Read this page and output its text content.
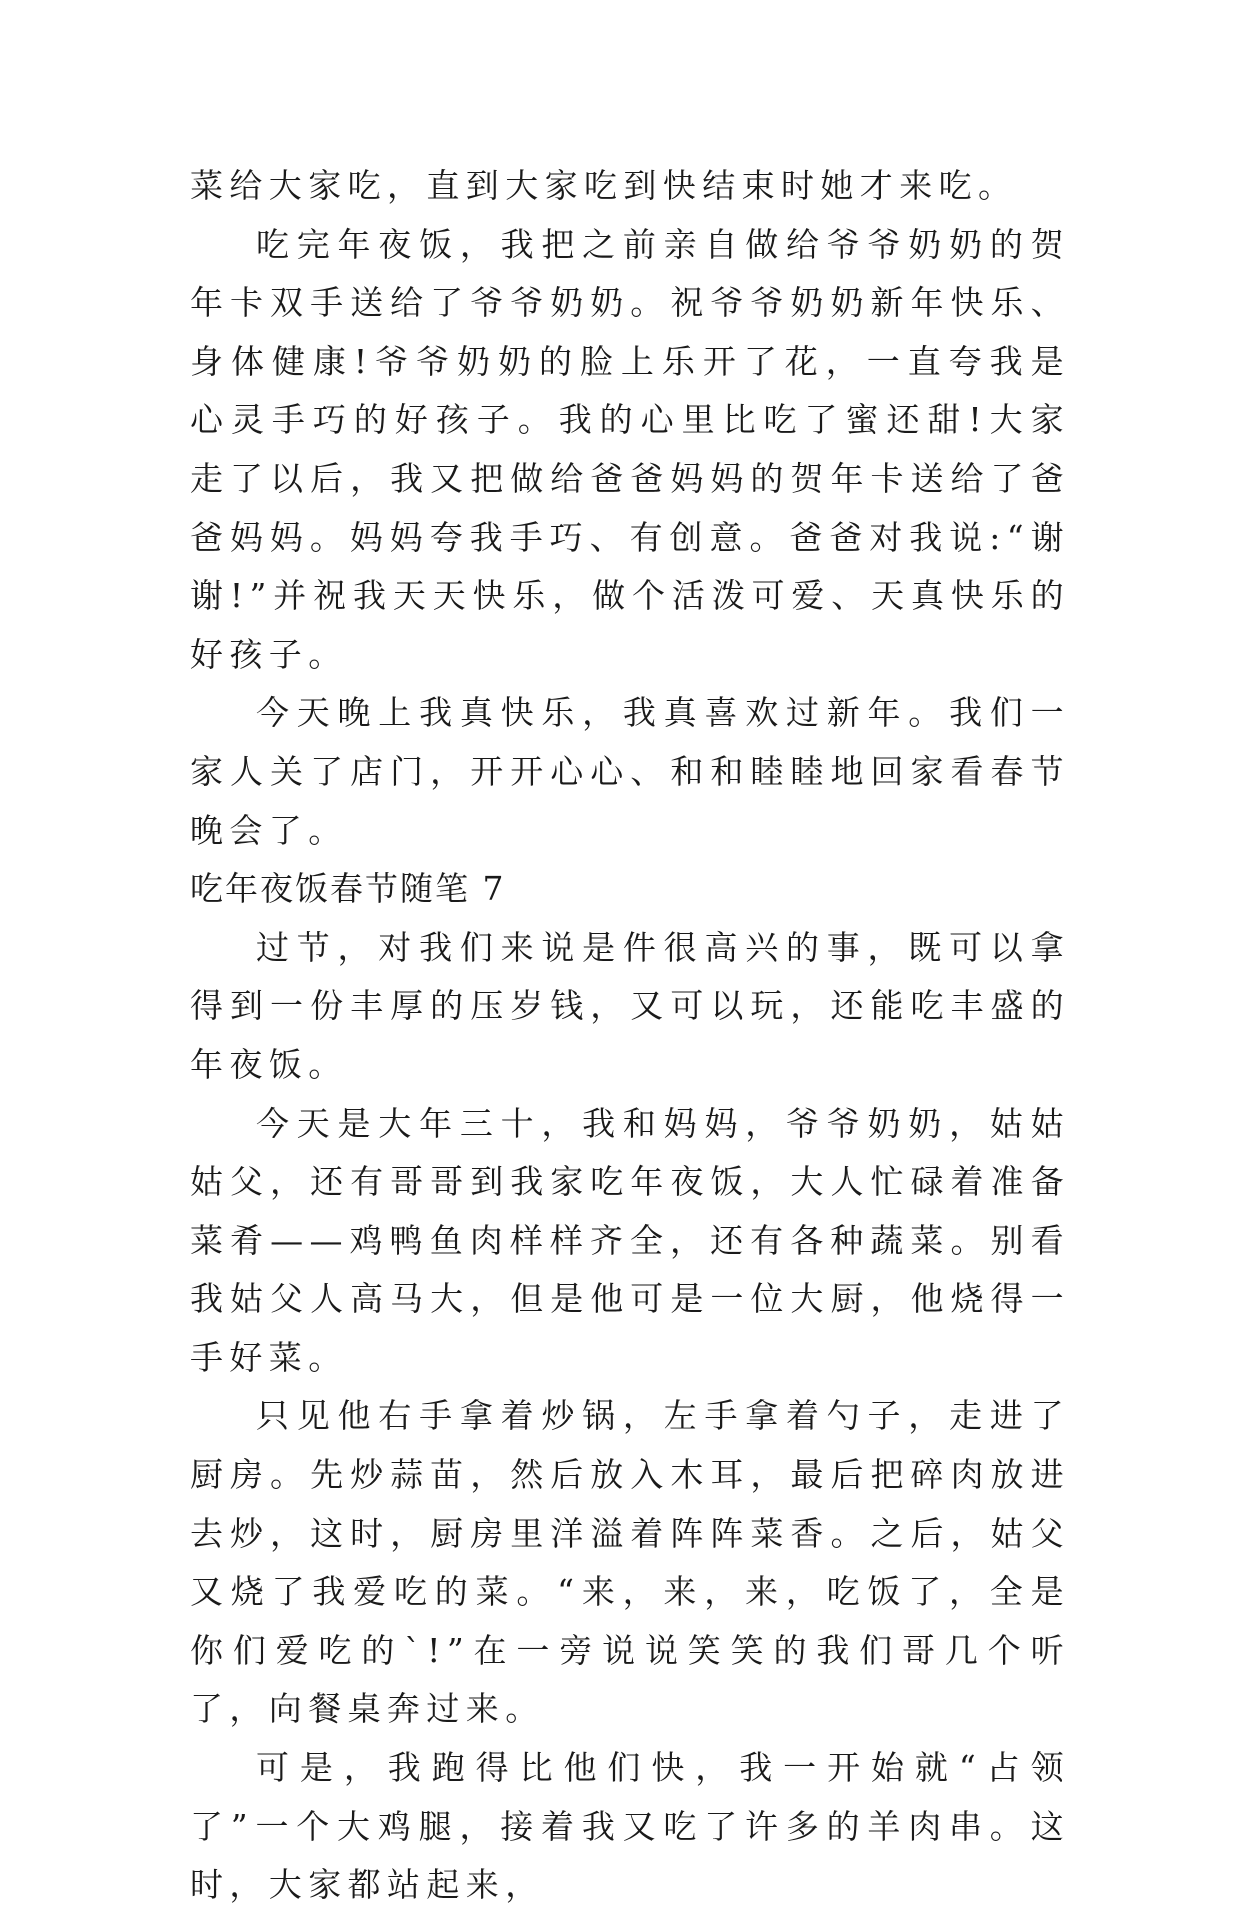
菜给大家吃，直到大家吃到快结束时她才来吃。

吃完年夜饭，我把之前亲自做给爷爷奶奶的贺年卡双手送给了爷爷奶奶。祝爷爷奶奶新年快乐、身体健康!爷爷奶奶的脸上乐开了花，一直夸我是心灵手巧的好孩子。我的心里比吃了蜜还甜!大家走了以后，我又把做给爸爸妈妈的贺年卡送给了爸爸妈妈。妈妈夸我手巧、有创意。爸爸对我说:“谢谢!”并祝我天天快乐，做个活泼可爱、天真快乐的好孩子。

今天晚上我真快乐，我真喜欢过新年。我们一家人关了店门，开开心心、和和睦睦地回家看春节晚会了。

吃年夜饭春节随笔 7

过节，对我们来说是件很高兴的事，既可以拿得到一份丰厚的压岁钱，又可以玩，还能吃丰盛的年夜饭。

今天是大年三十，我和妈妈，爷爷奶奶，姑姑姑父，还有哥哥到我家吃年夜饭，大人忙碌着准备菜肴——鸡鸭鱼肉样样齐全，还有各种蔬菜。别看我姑父人高马大，但是他可是一位大厨，他烧得一手好菜。

只见他右手拿着炒锅，左手拿着勺子，走进了厨房。先炒蒜苗，然后放入木耳，最后把碎肉放进去炒，这时，厨房里洋溢着阵阵菜香。之后，姑父又烧了我爱吃的菜。“来，来，来，吃饭了，全是你们爱吃的`!”在一旁说说笑笑的我们哥几个听了，向餐桌奔过来。

可是，我跑得比他们快，我一开始就“占领了”一个大鸡腿，接着我又吃了许多的羊肉串。这时，大家都站起来，
